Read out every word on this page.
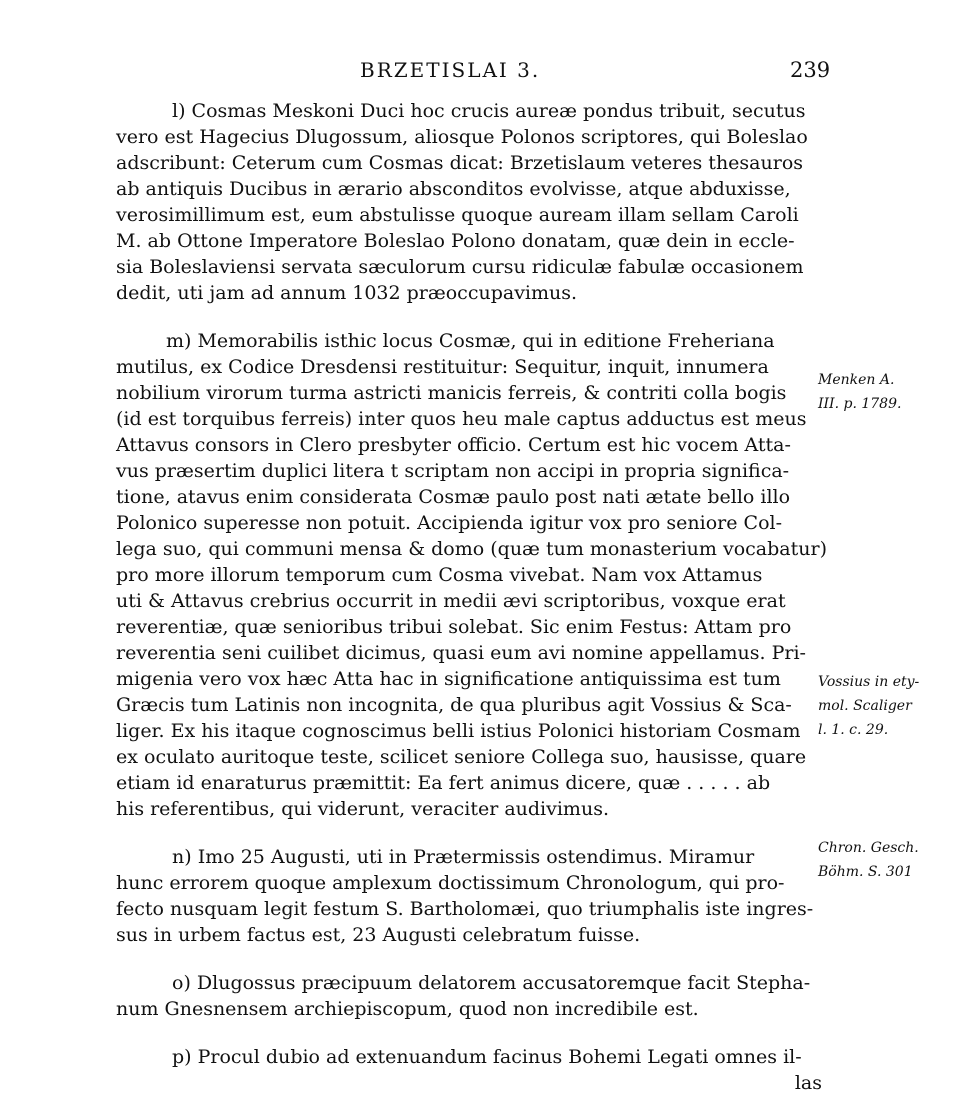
BRZETISLAI 3.	239
l) Cosmas Meskoni Duci hoc crucis aureæ pondus tribuit, secutus
vero est Hagecius Dlugossum, aliosque Polonos scriptores, qui Boleslao
adscribunt: Ceterum cum Cosmas dicat: Brzetislaum veteres thesauros
ab antiquis Ducibus in ærario absconditos evolvisse, atque abduxisse,
verosimillimum est, eum abstulisse quoque auream illam sellam Caroli
M. ab Ottone Imperatore Boleslao Polono donatam, quæ dein in eccle-
sia Boleslaviensi servata sæculorum cursu ridiculæ fabulæ occasionem
dedit, uti jam ad annum 1032 præoccupavimus.
m) Memorabilis isthic locus Cosmæ, qui in editione Freheriana
mutilus, ex Codice Dresdensi restituitur: Sequitur, inquit, innumera
nobilium virorum turma astricti manicis ferreis, & contriti colla bogis
(id est torquibus ferreis) inter quos heu male captus adductus est meus
Attavus consors in Clero presbyter officio. Certum est hic vocem Atta-
vus præsertim duplici litera t scriptam non accipi in propria significa-
tione, atavus enim considerata Cosmæ paulo post nati ætate bello illo
Polonico superesse non potuit. Accipienda igitur vox pro seniore Col-
lega suo, qui communi mensa & domo (quæ tum monasterium vocabatur)
pro more illorum temporum cum Cosma vivebat. Nam vox Attamus
uti & Attavus crebrius occurrit in medii ævi scriptoribus, voxque erat
reverentiæ, quæ senioribus tribui solebat. Sic enim Festus: Attam pro
reverentia seni cuilibet dicimus, quasi eum avi nomine appellamus. Pri-
migenia vero vox hæc Atta hac in significatione antiquissima est tum
Græcis tum Latinis non incognita, de qua pluribus agit Vossius & Sca-
liger. Ex his itaque cognoscimus belli istius Polonici historiam Cosmam
ex oculato auritoque teste, scilicet seniore Collega suo, hausisse, quare
etiam id enaraturus præmittit: Ea fert animus dicere, quæ . . . . . ab
his referentibus, qui viderunt, veraciter audivimus.
n) Imo 25 Augusti, uti in Prætermissis ostendimus. Miramur
hunc errorem quoque amplexum doctissimum Chronologum, qui pro-
fecto nusquam legit festum S. Bartholomæi, quo triumphalis iste ingres-
sus in urbem factus est, 23 Augusti celebratum fuisse.
o) Dlugossus præcipuum delatorem accusatoremque facit Stepha-
num Gnesnensem archiepiscopum, quod non incredibile est.
p) Procul dubio ad extenuandum facinus Bohemi Legati omnes il-
las
Menken A.
III. p. 1789.
Vossius in ety-
mol. Scaliger
l. 1. c. 29.
Chron. Gesch.
Böhm. S. 301
